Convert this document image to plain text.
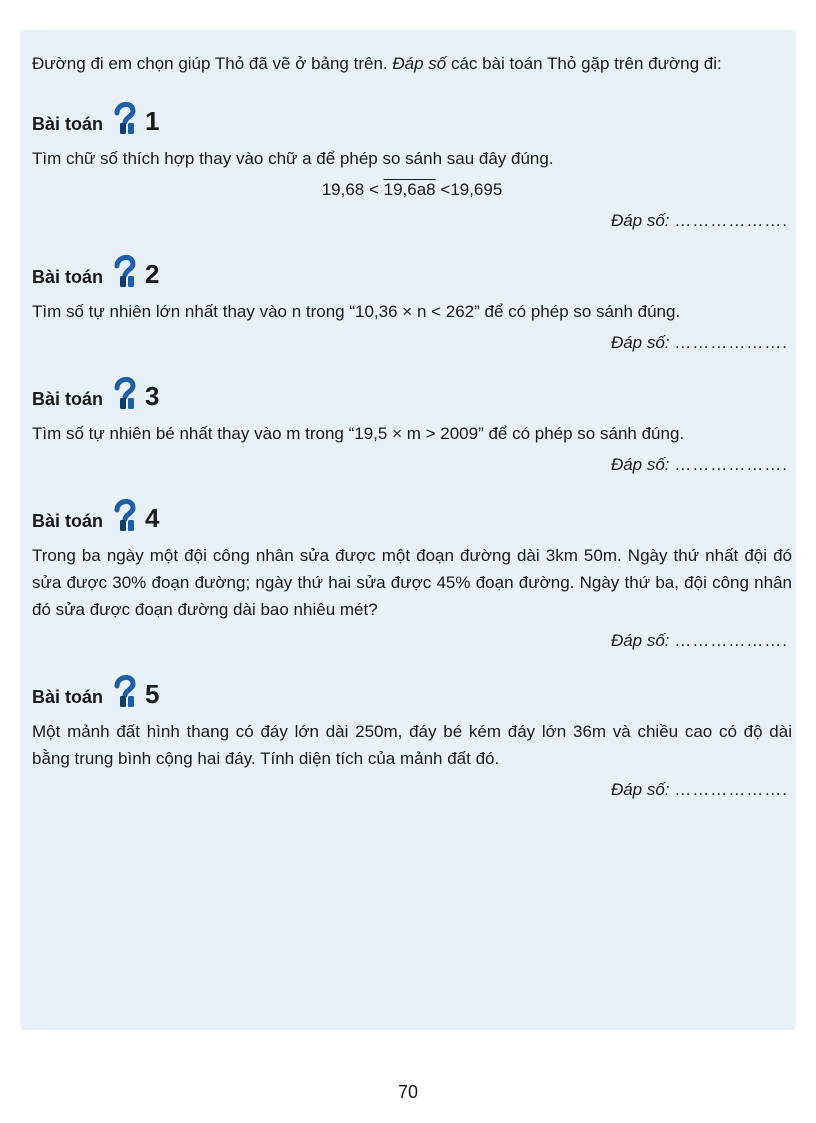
Đường đi em chọn giúp Thỏ đã vẽ ở bảng trên. Đáp số các bài toán Thỏ gặp trên đường đi:

Bài toán 1

Tìm chữ số thích hợp thay vào chữ a để phép so sánh sau đây đúng.

19,68 < 19,6a8 <19,695
Đáp số: ……………….
Bài toán 2

Tìm số tự nhiên lớn nhất thay vào n trong “10,36 × n < 262” để có phép so sánh đúng.

Đáp số: ……………….
Bài toán 3

Tìm số tự nhiên bé nhất thay vào m trong “19,5 × m > 2009” để có phép so sánh đúng.

Đáp số: ……………….
Bài toán 4

Trong ba ngày một đội công nhân sửa được một đoạn đường dài 3km 50m. Ngày thứ nhất đội đó sửa được 30% đoạn đường; ngày thứ hai sửa được 45% đoạn đường. Ngày thứ ba, đội công nhân đó sửa được đoạn đường dài bao nhiêu mét?

Đáp số: ……………….
Bài toán 5

Một mảnh đất hình thang có đáy lớn dài 250m, đáy bé kém đáy lớn 36m và chiều cao có độ dài bằng trung bình cộng hai đáy. Tính diện tích của mảnh đất đó.

Đáp số: ……………….
70
